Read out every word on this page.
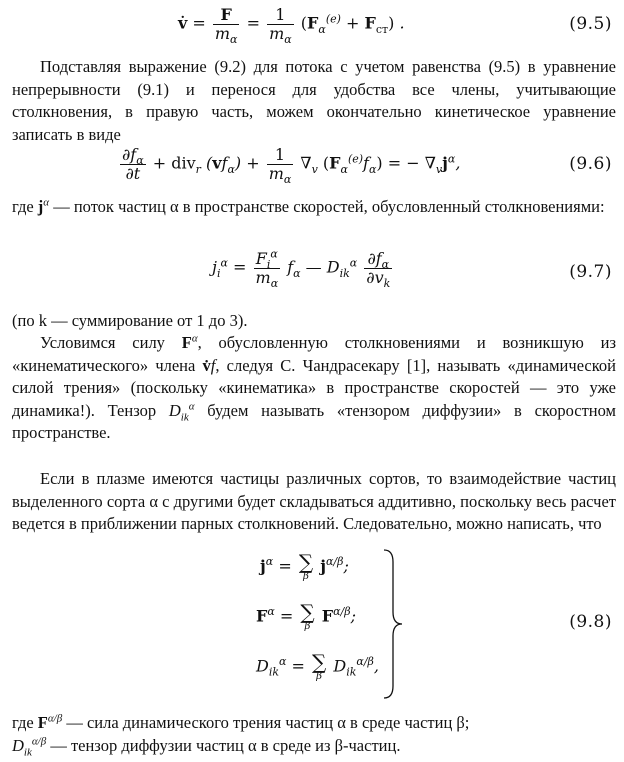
v̇ = $\frac{F}{m_\alpha} = \frac{1}{m_\alpha} (F_\alpha^{(e)} + F_{ст})$ .	(9.5)
Подставляя выражение (9.2) для потока с учетом равенства (9.5) в уравнение непрерывности (9.1) и перенося для удобства все члены, учитывающие столкновения, в правую часть, можем окончательно кинетическое уравнение записать в виде
$\frac{\partial f_\alpha}{\partial t} + div_r$ $(vf_\alpha) + \frac{1}{m_\alpha} \nabla_v$ $(F_\alpha^{(e)}f_\alpha)$ = − $\nabla_vj^\alpha$,	(9.6)
где $j^\alpha$ — поток частиц α в пространстве скоростей, обусловленный столкновениями:
$j_i^\alpha = \frac{F_i^\alpha}{m_\alpha} f_\alpha$ — $D_{ik}^\alpha \frac{\partial f_\alpha}{\partial v_k}$	(9.7)
(по k — суммирование от 1 до 3).
Условимся силу $F^\alpha$, обусловленную столкновениями и возникшую из «кинематического» члена v̇f, следуя С. Чандрасекару [1], называть «динамической силой трения» (поскольку «кинематика» в пространстве скоростей — это уже динамика!). Тензор $D_{ik}^\alpha$ будем называть «тензором диффузии» в скоростном пространстве.
Если в плазме имеются частицы различных сортов, то взаимодействие частиц выделенного сорта α с другими будет складываться аддитивно, поскольку весь расчет ведется в приближении парных столкновений. Следовательно, можно написать, что
$j^\alpha$ = ∑
β
$j^{\alpha/\beta}$;
$F^\alpha$ = ∑
β
$F^{\alpha/\beta}$;
$D_{ik}^\alpha$ = ∑
β
$D_{ik}^{\alpha/\beta}$,
(9.8)
где $F^{\alpha/\beta}$ — сила динамического трения частиц α в среде частиц β;
$D_{ik}^{\alpha/\beta}$ — тензор диффузии частиц α в среде из β-частиц.
